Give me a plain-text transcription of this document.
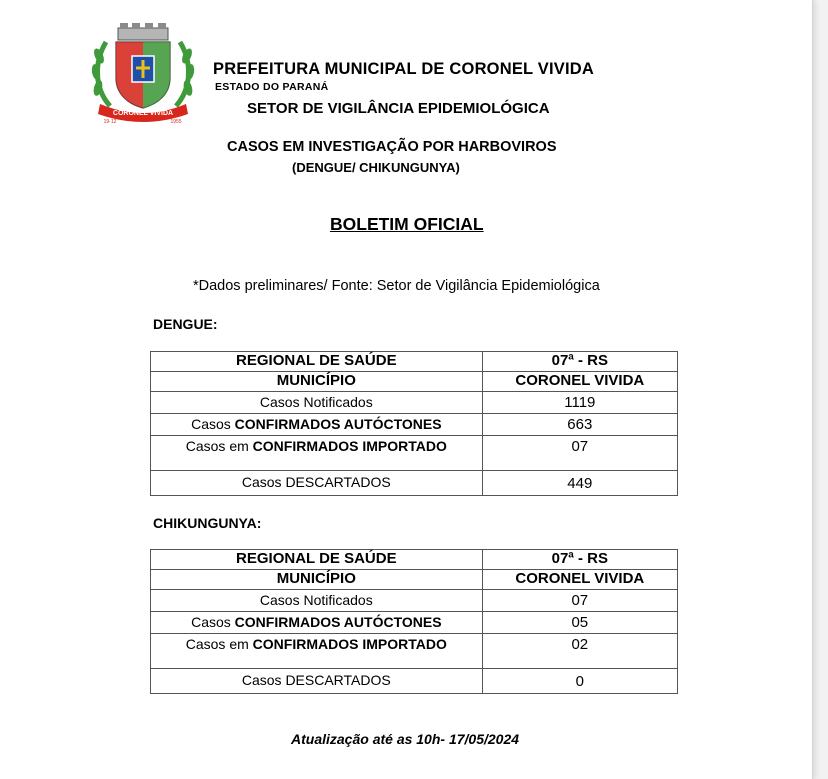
CORONEL VIVIDA
19-12	1955
PREFEITURA MUNICIPAL DE CORONEL VIVIDA
ESTADO DO PARANÁ
SETOR DE VIGILÂNCIA EPIDEMIOLÓGICA
CASOS EM INVESTIGAÇÃO POR HARBOVIROS
(DENGUE/ CHIKUNGUNYA)
BOLETIM OFICIAL
*Dados preliminares/ Fonte: Setor de Vigilância Epidemiológica
DENGUE:
REGIONAL DE SAÚDE	07ª - RS
MUNICÍPIO	CORONEL VIVIDA
Casos Notificados	1119
Casos CONFIRMADOS AUTÓCTONES	663
Casos em CONFIRMADOS IMPORTADO	07
Casos DESCARTADOS	449
CHIKUNGUNYA:
REGIONAL DE SAÚDE	07ª - RS
MUNICÍPIO	CORONEL VIVIDA
Casos Notificados	07
Casos CONFIRMADOS AUTÓCTONES	05
Casos em CONFIRMADOS IMPORTADO	02
Casos DESCARTADOS	0
Atualização até as 10h- 17/05/2024
